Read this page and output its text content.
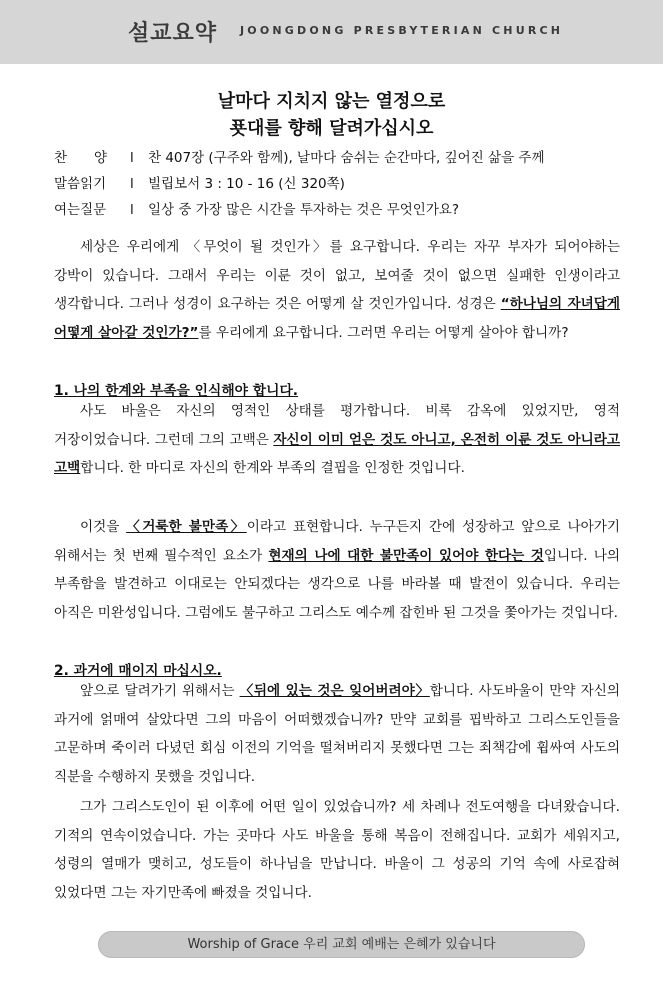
설교요약 JOONGDONG PRESBYTERIAN CHURCH
날마다 지치지 않는 열정으로
푯대를 향해 달려가십시오
찬　　양 l 찬 407장 (구주와 함께), 날마다 숨쉬는 순간마다, 깊어진 삶을 주께
말씀읽기 l 빌립보서 3 : 10 - 16 (신 320쪽)
여는질문 l 일상 중 가장 많은 시간을 투자하는 것은 무엇인가요?
세상은 우리에게 〈무엇이 될 것인가〉를 요구합니다. 우리는 자꾸 부자가 되어야하는 강박이 있습니다. 그래서 우리는 이룬 것이 없고, 보여줄 것이 없으면 실패한 인생이라고 생각합니다. 그러나 성경이 요구하는 것은 어떻게 살 것인가입니다. 성경은 “하나님의 자녀답게 어떻게 살아갈 것인가?”를 우리에게 요구합니다. 그러면 우리는 어떻게 살아야 합니까?
1. 나의 한계와 부족을 인식해야 합니다.
사도 바울은 자신의 영적인 상태를 평가합니다. 비록 감옥에 있었지만, 영적 거장이었습니다. 그런데 그의 고백은 자신이 이미 얻은 것도 아니고, 온전히 이룬 것도 아니라고 고백합니다. 한 마디로 자신의 한계와 부족의 결핍을 인정한 것입니다.
이것을 〈거룩한 불만족〉이라고 표현합니다. 누구든지 간에 성장하고 앞으로 나아가기 위해서는 첫 번째 필수적인 요소가 현재의 나에 대한 불만족이 있어야 한다는 것입니다. 나의 부족함을 발견하고 이대로는 안되겠다는 생각으로 나를 바라볼 때 발전이 있습니다. 우리는 아직은 미완성입니다. 그럼에도 불구하고 그리스도 예수께 잡힌바 된 그것을 쫓아가는 것입니다.
2. 과거에 매이지 마십시오.
앞으로 달려가기 위해서는 〈뒤에 있는 것은 잊어버려야〉합니다. 사도바울이 만약 자신의 과거에 얽매여 살았다면 그의 마음이 어떠했겠습니까? 만약 교회를 핍박하고 그리스도인들을 고문하며 죽이러 다녔던 회심 이전의 기억을 떨쳐버리지 못했다면 그는 죄책감에 휩싸여 사도의 직분을 수행하지 못했을 것입니다.
그가 그리스도인이 된 이후에 어떤 일이 있었습니까? 세 차례나 전도여행을 다녀왔습니다. 기적의 연속이었습니다. 가는 곳마다 사도 바울을 통해 복음이 전해집니다. 교회가 세워지고, 성령의 열매가 맺히고, 성도들이 하나님을 만납니다. 바울이 그 성공의 기억 속에 사로잡혀 있었다면 그는 자기만족에 빠졌을 것입니다.
Worship of Grace 우리 교회 예배는 은혜가 있습니다
